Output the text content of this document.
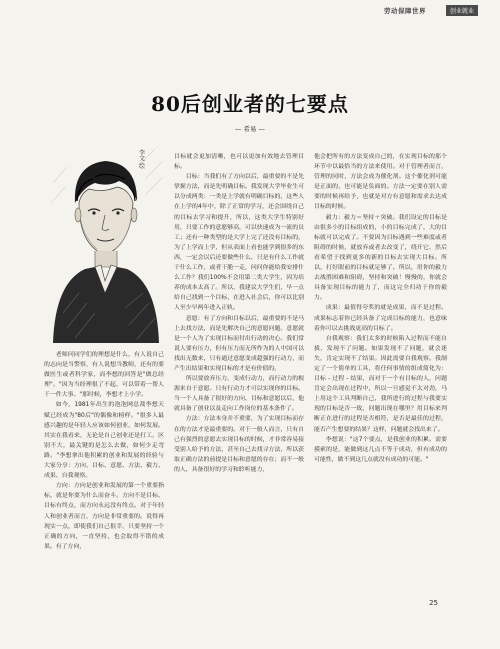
劳动保障世界	创业就业
80后创业者的七要点
— 希易 —
李文 绘

老师问同学们的理想是什么，有人说自己的志向是当警察，有人说想当教师，还有的要做医生或者科学家，而李想的回答是"做总经理"。"因为当经理很了不起，可以带着一帮人干一件大事。"那时候，李想才上小学。

如今，1981年出生的泡泡网总裁李想天赋已经成为"80后"的偶像和榜样。"很多人最感兴趣的是年轻人应该如何创业，如何发展。其实在我看来，无论是自己创业还是打工，区别不大，最关键的是怎么去做，如何少走弯路。"李想拿出他积累的创业和发展的经验与大家分享：方向、目标、意愿、方法、毅力、成果、自我观察。

方向：方向是创业和发展的第一个重要指标，就是你要为什么而奋斗。方向不是目标，目标有终点，而方向永远没有终点。对于年轻人和创业者而言，方向是非常重要的。说得再现实一点，即使我们自己很幸，只要坚持一个正确的方向，一直坚持，也会取得不错的成果。有了方向，

目标就会更加清晰，也可以更加有效地去管理目标。

目标：当我们有了方向以后，最重要的不是先掌握方法，而是先明确目标。我发现大学毕业生可以分成两类：一类是上学就有明确目标的，这些人在上学的4年中，除了正常的学习，还会围绕自己的目标去学习和提升，所以，这类大学生特别好用，只要工作的意愿够高，可以快速成为一流的员工；还有一种类型的是大学上完了还没有目标的，为了上学而上学，但从表面上看也能学到很多的东西，一定会以后还要做些什么，只是有什么工作就干什么工作，或者干脆一走，问问你能给我安排什么工作？我们100%不会用第二类大学生，因为培养的成本太高了。所以，我建议大学生们，早一点给自己找到一个目标，在进入社会后，你可以比别人至少早两年进入正轨。

意愿：有了方向和目标以后，最重要的不是马上去找方法，而是先解决自己的意愿问题。意愿就是一个人为了实现目标而付出行动的决心。我们常说人要有压力，但有压力而无所作为的人中国可以找出无数来，只有通过意愿变成超强的行动力，而产生出结果和实现目标的才是有价值的。

所以要放弃压力，变成行动力，而行动力的根源来自于意愿。只有行动力才可以实现你的目标。当一个人具备了很好的方向、目标和意愿以后，他就具备了创业以及走向工作岗位的基本条件了。

方法：方法本身并不重要，为了实现目标而存在的方法才是最重要的。对于一般人而言，只有自己有强烈的意愿去实现目标的时候，才非常容易接受别人给予的方法，甚至自己去找寻方法，所以获取正确方法的前提是目标和意愿的存在；而不一般的人，具备很好的学习和聆听能力，

他会把所有的方法变成自己的，在实现目标的那个环节中以最恰当的方法来使用。对于管理者而言，管理的同时，方法会成为催化剂。这个催化剂可能是正面的，也可能是负面的。方法一定要在别人需要的时候再给予，也就是对方有意愿和需求去达成目标的时候。

毅力：毅力＝坚持＋突破。我们设定的目标是由很多小的目标组成的，小的目标完成了，大的目标就可以完成了。不要因为目标遇到一些难度或者阻碍的时候，就放弃或者去改变了，绕开它，然后看希望于找到更多的新的目标去实现大目标。所以，打好眼前的目标就足够了。所以，用你的毅力去战胜困难和阻碍，坚持和突破！慢慢的，你就会具备实现目标的能力了，而这完全归功于你的毅力。

成果：最值得夸奖的就是成果，而不是过程。成果标志着你已经具备了完成目标的能力，也意味着你可以去挑战更高的目标了。

自我观察：我们太多的时候陷入过程而不能自拔，发现不了问题。如果发现不了问题，就会迷失，肯定实现不了结果。因此需要自我观察。我制定了一个简单的工具，将任何事情的组成简化为：目标 - 过程 - 结果，而对于一个有目标的人，问题肯定会出现在过程中，所以一旦感觉不太对劲，马上用这个工具判断自己，我所进行的过程与我要实现的目标是否一致，问题出现在哪里？用目标来判断正在进行的过程是否相符，是否是最佳的过程，能否产生想要的结果？这样，问题就会找出来了。

李想说："这7个要点，是我创业的积累。需要摸索的是，能做到这几点不等于成功，但有成功的可能性，做不到这几点就没有成功的可能。"

25
